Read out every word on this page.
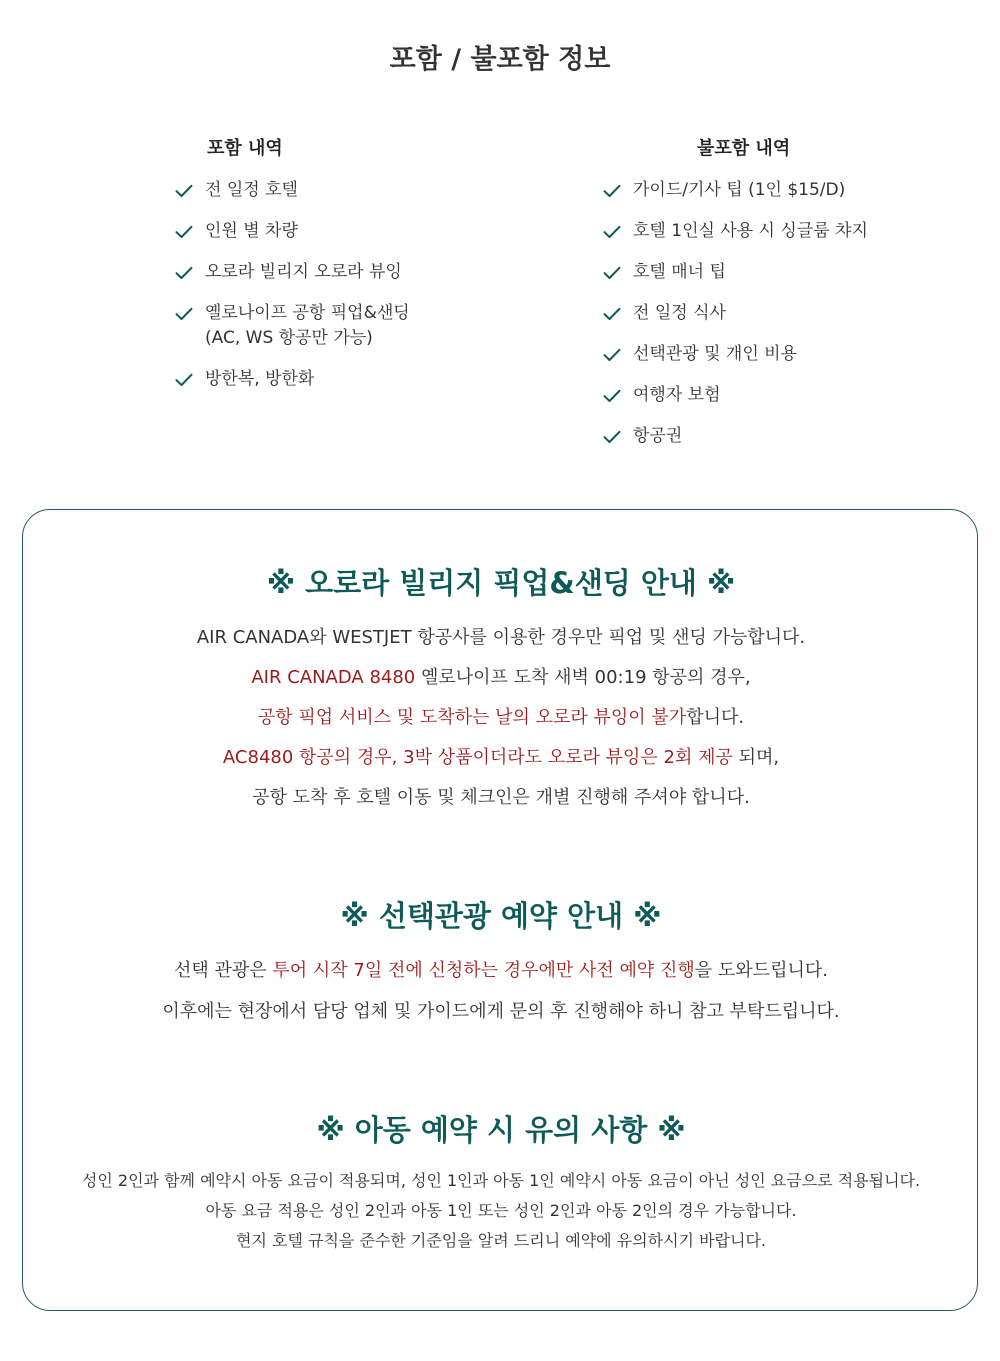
포함 / 불포함 정보
포함 내역
전 일정 호텔
인원 별 차량
오로라 빌리지 오로라 뷰잉
옐로나이프 공항 픽업&샌딩
(AC, WS 항공만 가능)
방한복, 방한화
불포함 내역
가이드/기사 팁 (1인 $15/D)
호텔 1인실 사용 시 싱글룸 챠지
호텔 매너 팁
전 일정 식사
선택관광 및 개인 비용
여행자 보험
항공권
※ 오로라 빌리지 픽업&샌딩 안내 ※
AIR CANADA와 WESTJET 항공사를 이용한 경우만 픽업 및 샌딩 가능합니다.
AIR CANADA 8480 옐로나이프 도착 새벽 00:19 항공의 경우,
공항 픽업 서비스 및 도착하는 날의 오로라 뷰잉이 불가합니다.
AC8480 항공의 경우, 3박 상품이더라도 오로라 뷰잉은 2회 제공 되며,
공항 도착 후 호텔 이동 및 체크인은 개별 진행해 주셔야 합니다.
※ 선택관광 예약 안내 ※
선택 관광은 투어 시작 7일 전에 신청하는 경우에만 사전 예약 진행을 도와드립니다.
이후에는 현장에서 담당 업체 및 가이드에게 문의 후 진행해야 하니 참고 부탁드립니다.
※ 아동 예약 시 유의 사항 ※
성인 2인과 함께 예약시 아동 요금이 적용되며, 성인 1인과 아동 1인 예약시 아동 요금이 아닌 성인 요금으로 적용됩니다.
아동 요금 적용은 성인 2인과 아동 1인 또는 성인 2인과 아동 2인의 경우 가능합니다.
현지 호텔 규칙을 준수한 기준임을 알려 드리니 예약에 유의하시기 바랍니다.
